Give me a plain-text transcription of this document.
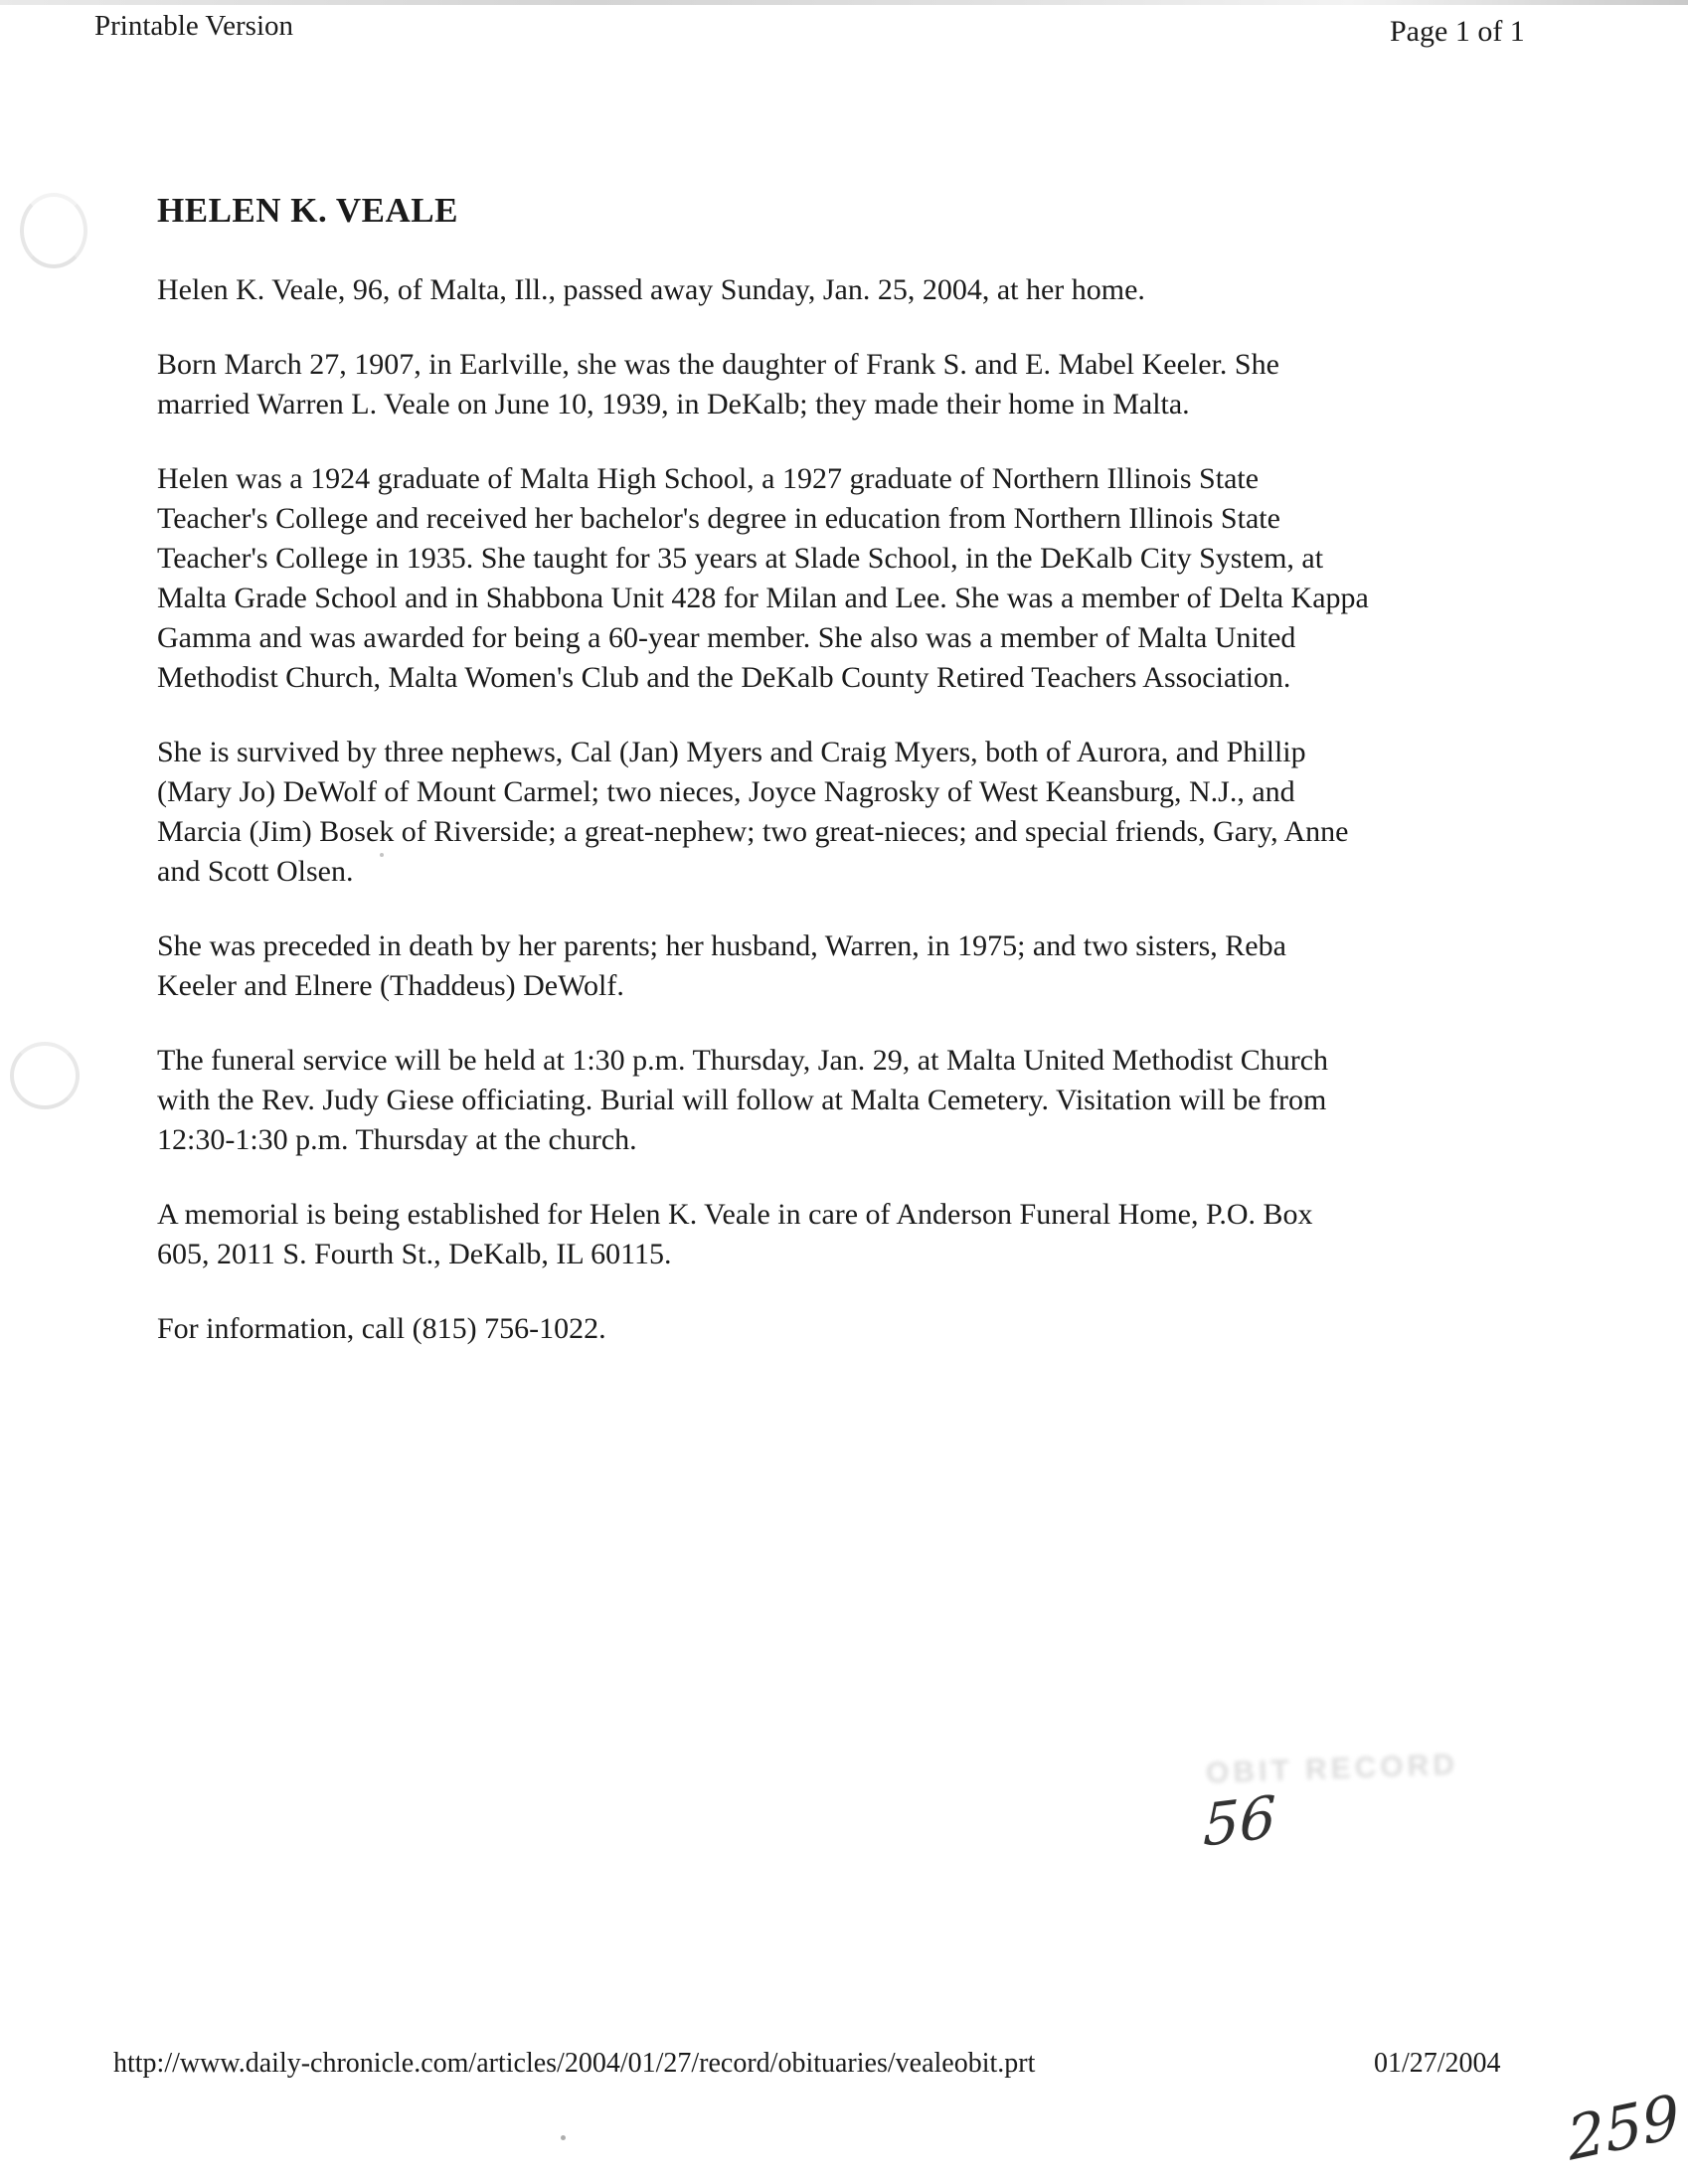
Printable Version	Page 1 of 1
HELEN K. VEALE

Helen K. Veale, 96, of Malta, Ill., passed away Sunday, Jan. 25, 2004, at her home.

Born March 27, 1907, in Earlville, she was the daughter of Frank S. and E. Mabel Keeler. She
married Warren L. Veale on June 10, 1939, in DeKalb; they made their home in Malta.

Helen was a 1924 graduate of Malta High School, a 1927 graduate of Northern Illinois State
Teacher's College and received her bachelor's degree in education from Northern Illinois State
Teacher's College in 1935. She taught for 35 years at Slade School, in the DeKalb City System, at
Malta Grade School and in Shabbona Unit 428 for Milan and Lee. She was a member of Delta Kappa
Gamma and was awarded for being a 60-year member. She also was a member of Malta United
Methodist Church, Malta Women's Club and the DeKalb County Retired Teachers Association.

She is survived by three nephews, Cal (Jan) Myers and Craig Myers, both of Aurora, and Phillip
(Mary Jo) DeWolf of Mount Carmel; two nieces, Joyce Nagrosky of West Keansburg, N.J., and
Marcia (Jim) Bosek of Riverside; a great-nephew; two great-nieces; and special friends, Gary, Anne
and Scott Olsen.

She was preceded in death by her parents; her husband, Warren, in 1975; and two sisters, Reba
Keeler and Elnere (Thaddeus) DeWolf.

The funeral service will be held at 1:30 p.m. Thursday, Jan. 29, at Malta United Methodist Church
with the Rev. Judy Giese officiating. Burial will follow at Malta Cemetery. Visitation will be from
12:30-1:30 p.m. Thursday at the church.

A memorial is being established for Helen K. Veale in care of Anderson Funeral Home, P.O. Box
605, 2011 S. Fourth St., DeKalb, IL 60115.

For information, call (815) 756-1022.

OBIT RECORD
56
259
http://www.daily-chronicle.com/articles/2004/01/27/record/obituaries/vealeobit.prt	01/27/2004
